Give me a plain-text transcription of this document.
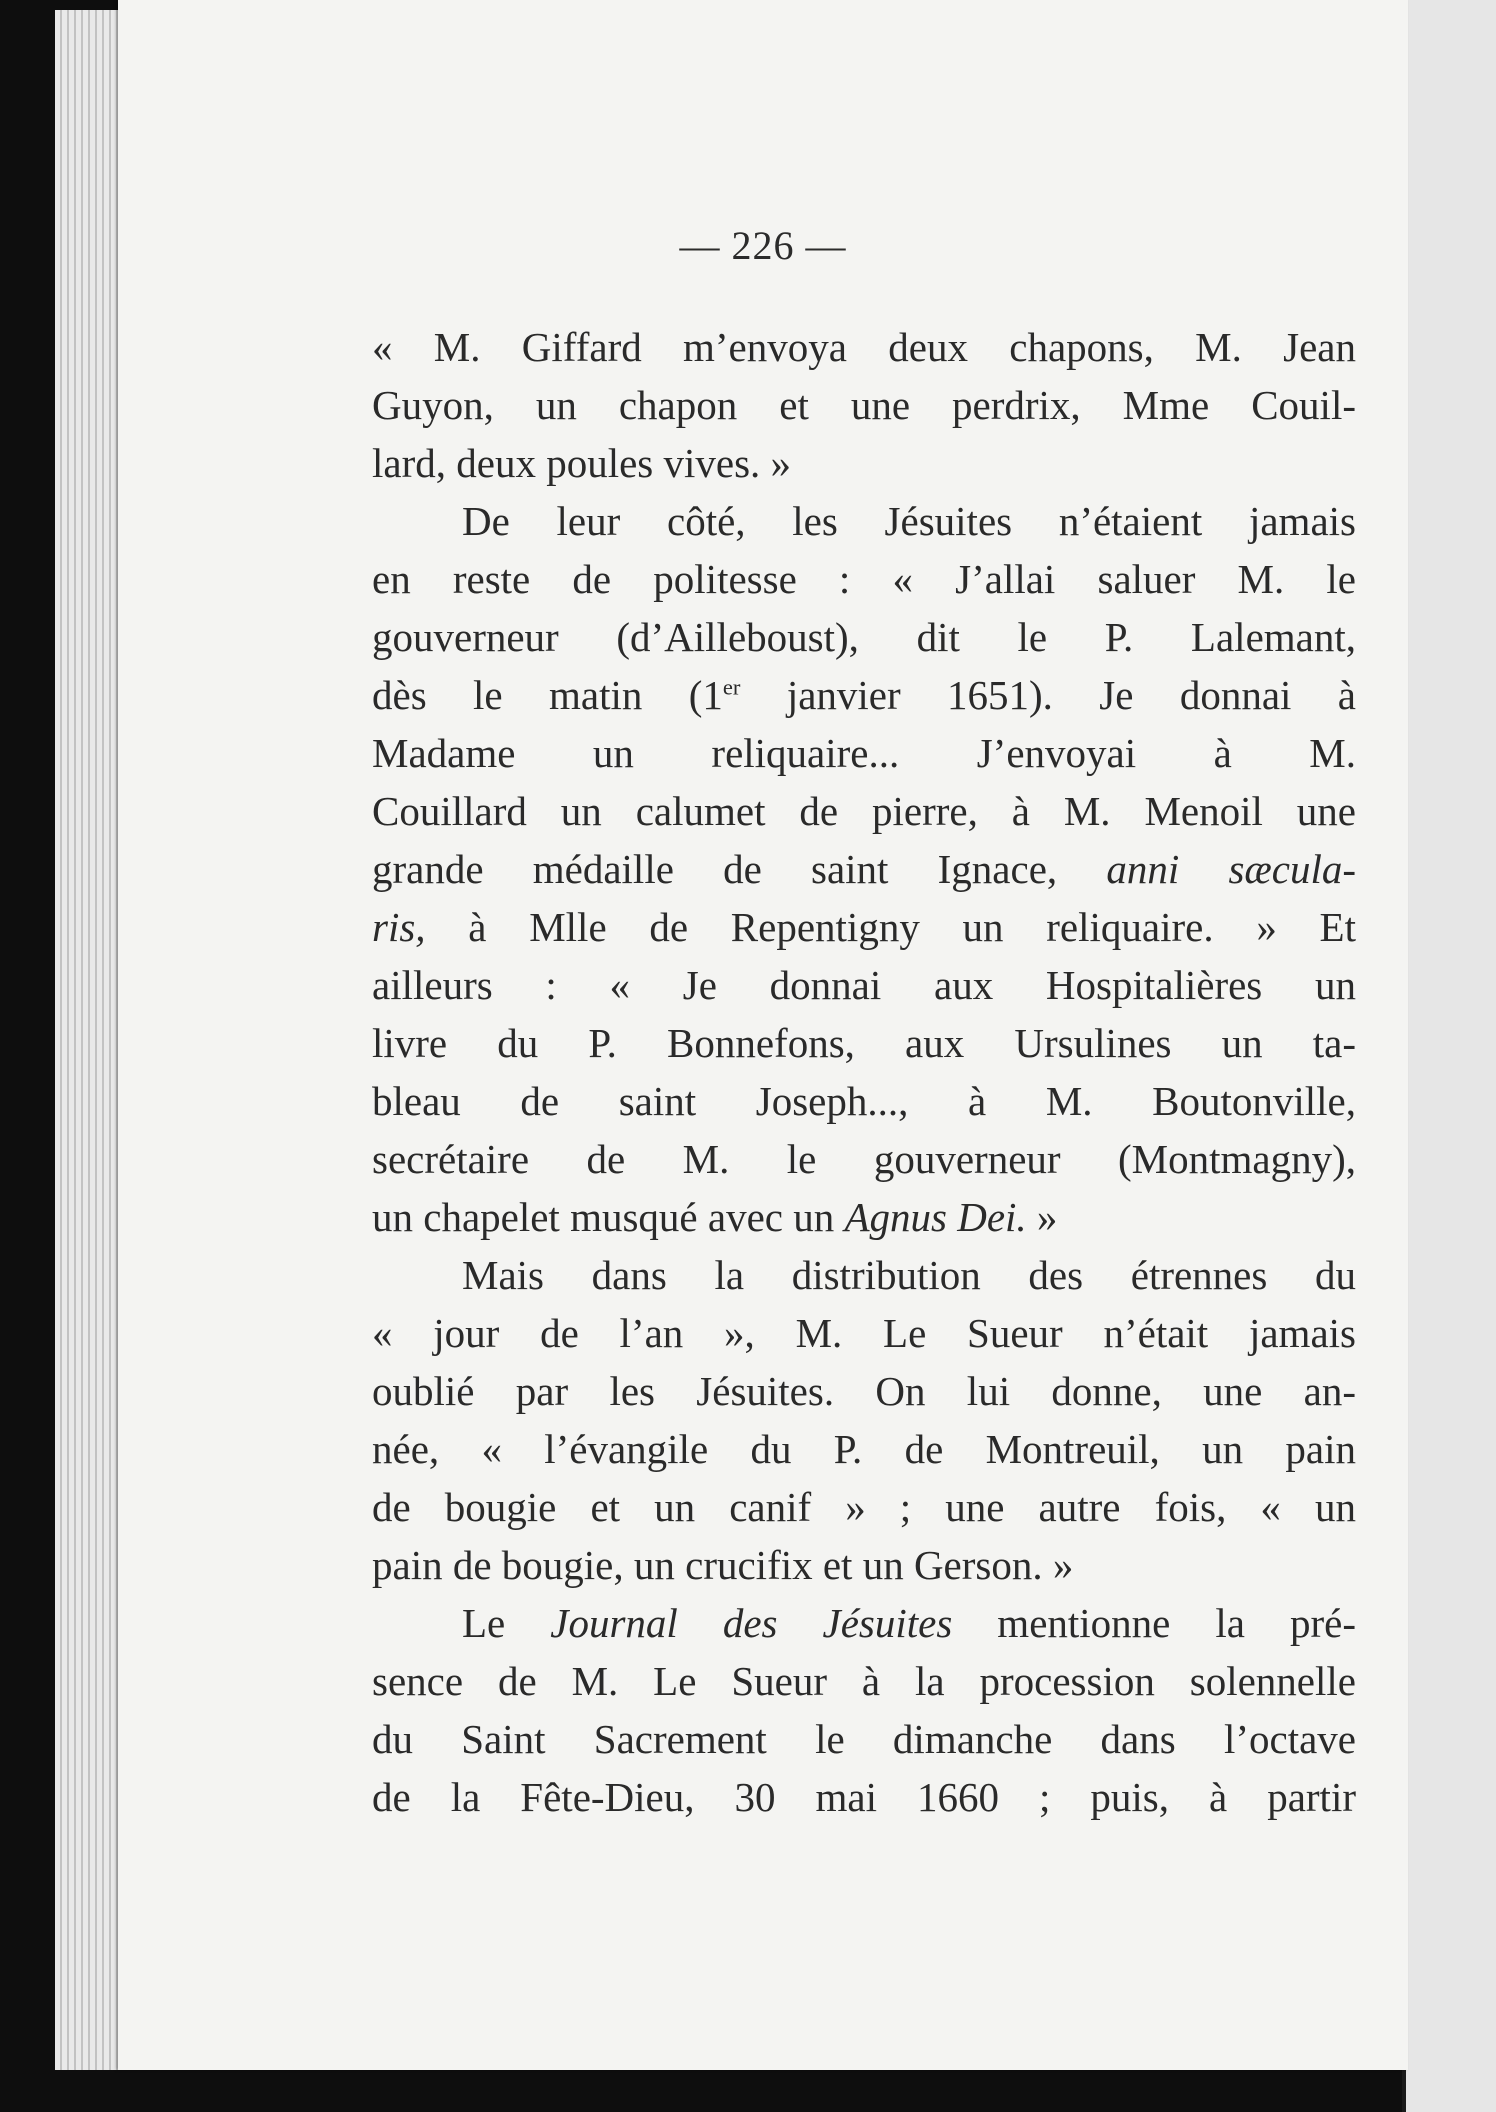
— 226 —
« M. Giffard m’envoya deux chapons, M. Jean
Guyon, un chapon et une perdrix, Mme Couil-
lard, deux poules vives. »
De leur côté, les Jésuites n’étaient jamais
en reste de politesse : « J’allai saluer M. le
gouverneur (d’Ailleboust), dit le P. Lalemant,
dès le matin (1er janvier 1651). Je donnai à
Madame un reliquaire... J’envoyai à M.
Couillard un calumet de pierre, à M. Menoil une
grande médaille de saint Ignace, anni sæcula-
ris, à Mlle de Repentigny un reliquaire. » Et
ailleurs : « Je donnai aux Hospitalières un
livre du P. Bonnefons, aux Ursulines un ta-
bleau de saint Joseph..., à M. Boutonville,
secrétaire de M. le gouverneur (Montmagny),
un chapelet musqué avec un Agnus Dei. »
Mais dans la distribution des étrennes du
« jour de l’an », M. Le Sueur n’était jamais
oublié par les Jésuites. On lui donne, une an-
née, « l’évangile du P. de Montreuil, un pain
de bougie et un canif » ; une autre fois, « un
pain de bougie, un crucifix et un Gerson. »
Le Journal des Jésuites mentionne la pré-
sence de M. Le Sueur à la procession solennelle
du Saint Sacrement le dimanche dans l’octave
de la Fête-Dieu, 30 mai 1660 ; puis, à partir
